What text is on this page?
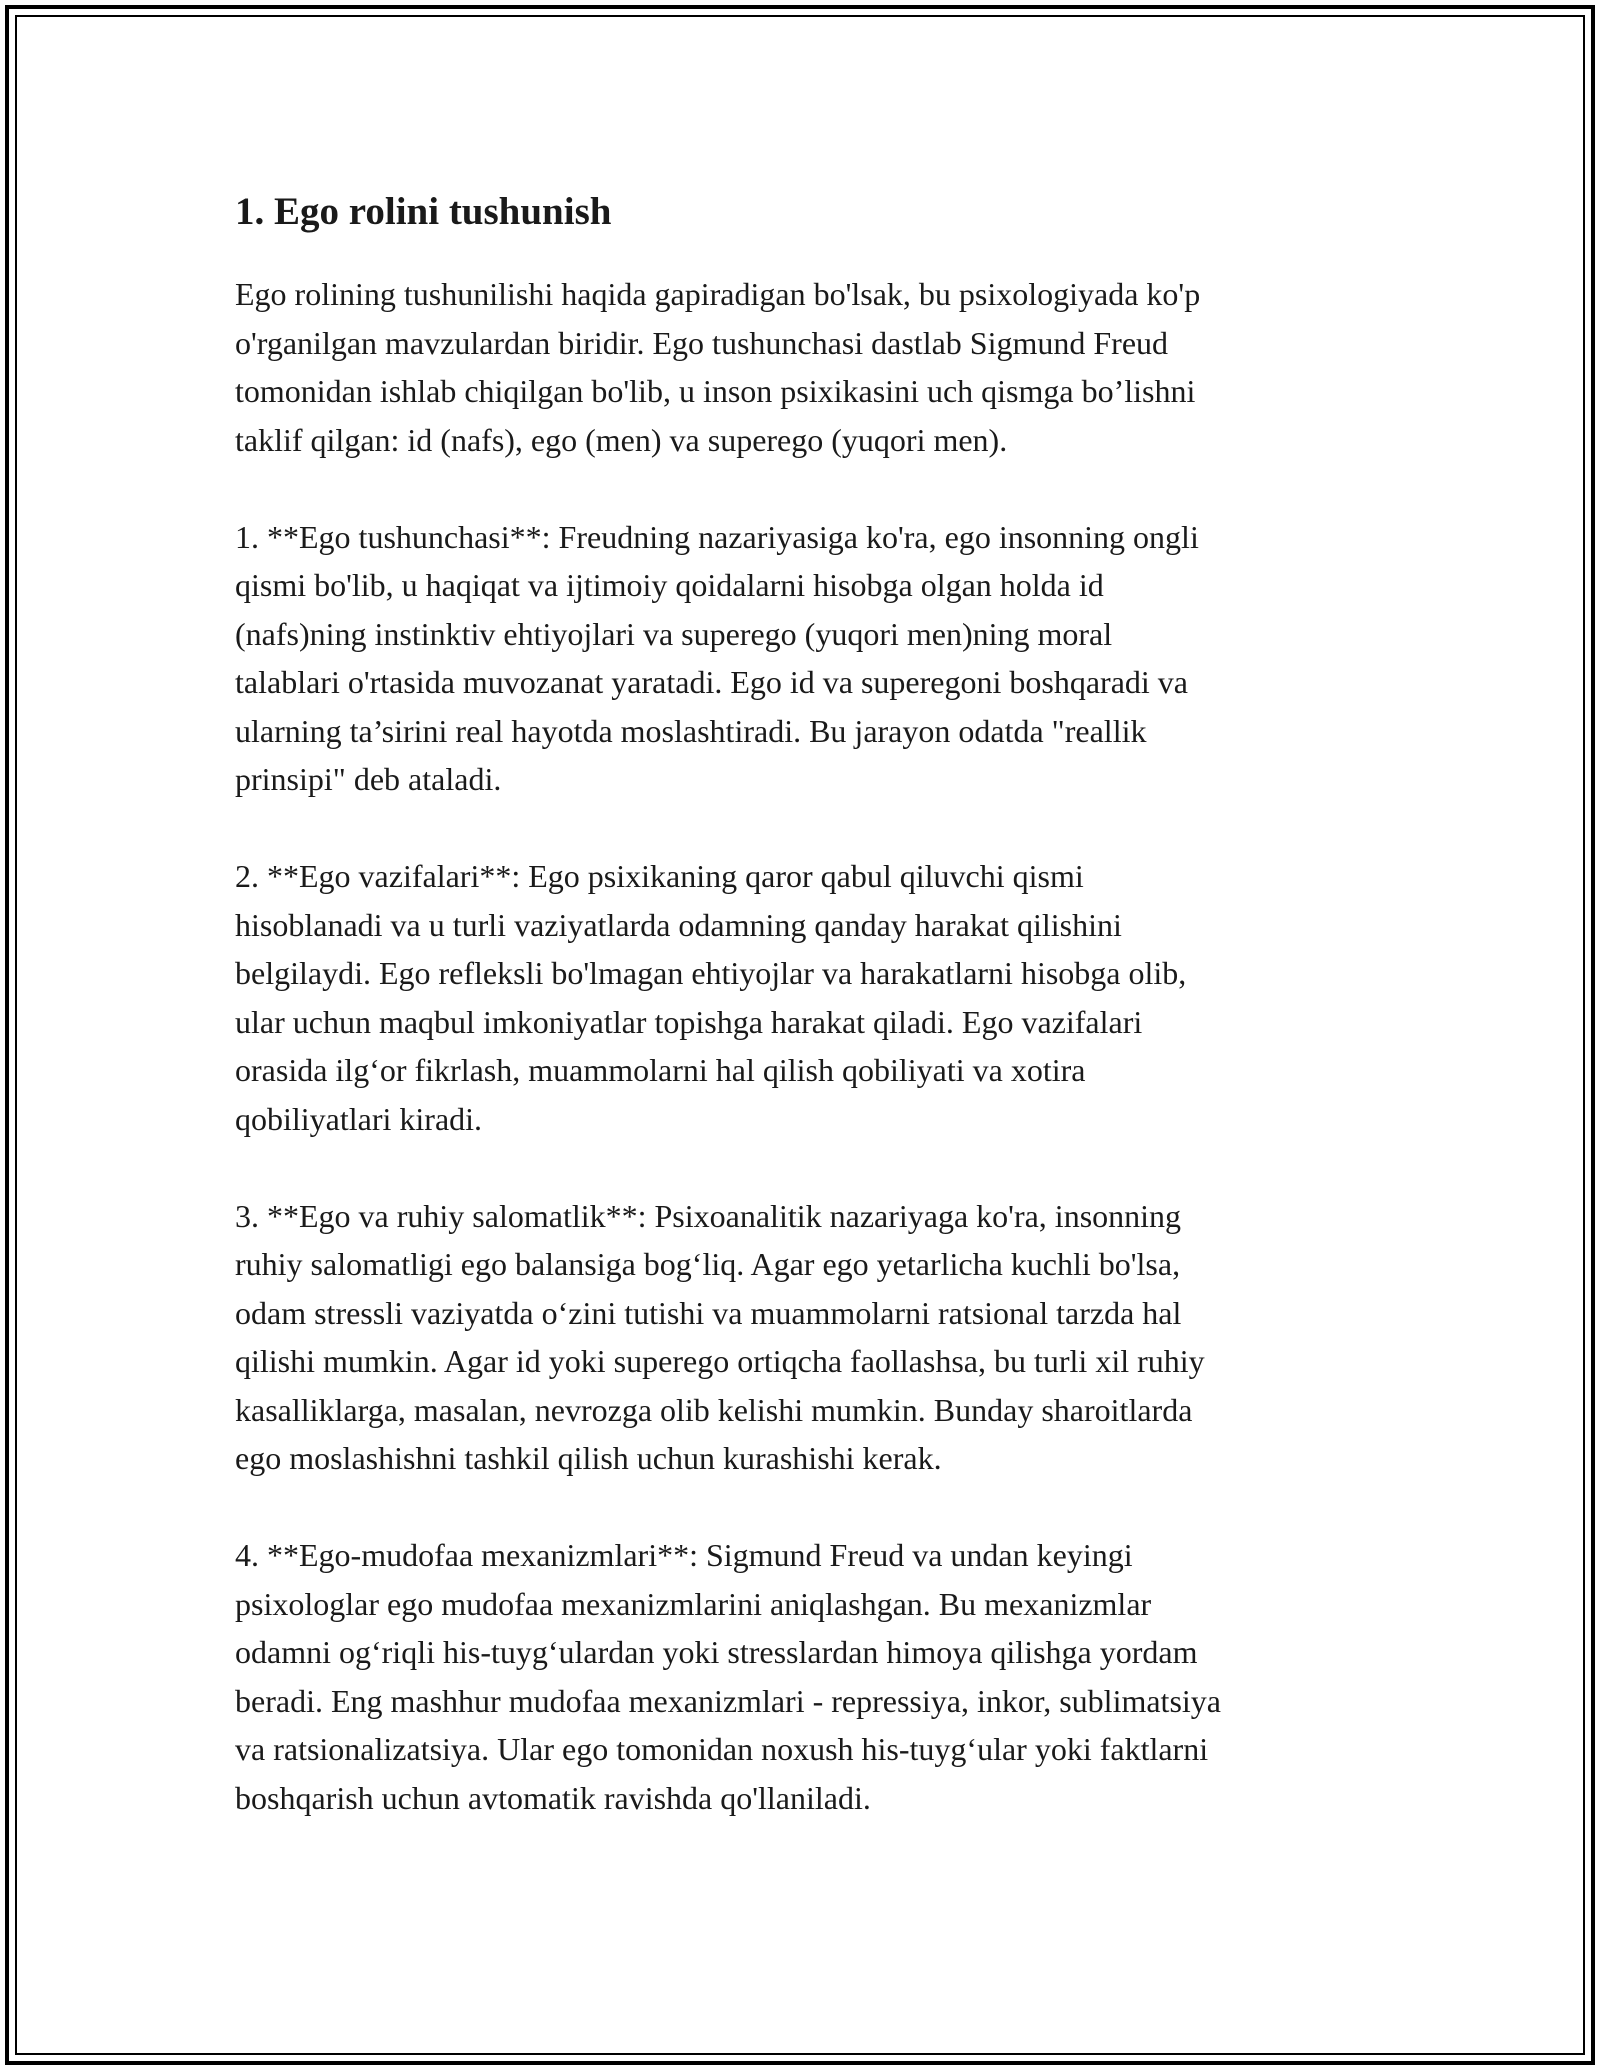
1. Ego rolini tushunish

Ego rolining tushunilishi haqida gapiradigan bo'lsak, bu psixologiyada ko'p
o'rganilgan mavzulardan biridir. Ego tushunchasi dastlab Sigmund Freud
tomonidan ishlab chiqilgan bo'lib, u inson psixikasini uch qismga bo’lishni
taklif qilgan: id (nafs), ego (men) va superego (yuqori men).

1. **Ego tushunchasi**: Freudning nazariyasiga ko'ra, ego insonning ongli
qismi bo'lib, u haqiqat va ijtimoiy qoidalarni hisobga olgan holda id
(nafs)ning instinktiv ehtiyojlari va superego (yuqori men)ning moral
talablari o'rtasida muvozanat yaratadi. Ego id va superegoni boshqaradi va
ularning ta’sirini real hayotda moslashtiradi. Bu jarayon odatda "reallik
prinsipi" deb ataladi.

2. **Ego vazifalari**: Ego psixikaning qaror qabul qiluvchi qismi
hisoblanadi va u turli vaziyatlarda odamning qanday harakat qilishini
belgilaydi. Ego refleksli bo'lmagan ehtiyojlar va harakatlarni hisobga olib,
ular uchun maqbul imkoniyatlar topishga harakat qiladi. Ego vazifalari
orasida ilg‘or fikrlash, muammolarni hal qilish qobiliyati va xotira
qobiliyatlari kiradi.

3. **Ego va ruhiy salomatlik**: Psixoanalitik nazariyaga ko'ra, insonning
ruhiy salomatligi ego balansiga bog‘liq. Agar ego yetarlicha kuchli bo'lsa,
odam stressli vaziyatda o‘zini tutishi va muammolarni ratsional tarzda hal
qilishi mumkin. Agar id yoki superego ortiqcha faollashsa, bu turli xil ruhiy
kasalliklarga, masalan, nevrozga olib kelishi mumkin. Bunday sharoitlarda
ego moslashishni tashkil qilish uchun kurashishi kerak.

4. **Ego-mudofaa mexanizmlari**: Sigmund Freud va undan keyingi
psixologlar ego mudofaa mexanizmlarini aniqlashgan. Bu mexanizmlar
odamni og‘riqli his-tuyg‘ulardan yoki stresslardan himoya qilishga yordam
beradi. Eng mashhur mudofaa mexanizmlari - repressiya, inkor, sublimatsiya
va ratsionalizatsiya. Ular ego tomonidan noxush his-tuyg‘ular yoki faktlarni
boshqarish uchun avtomatik ravishda qo'llaniladi.
